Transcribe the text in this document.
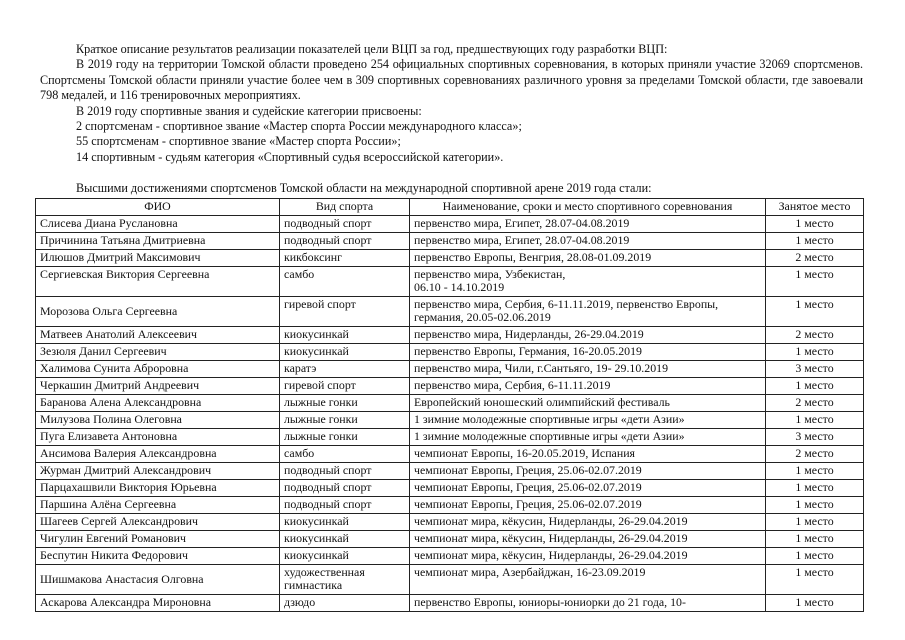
Краткое описание результатов реализации показателей цели ВЦП за год, предшествующих году разработки ВЦП:

В 2019 году на территории Томской области проведено 254 официальных спортивных соревнования, в которых приняли участие 32069 спортсменов. Спортсмены Томской области приняли участие более чем в 309 спортивных соревнованиях различного уровня за пределами Томской области, где завоевали 798 медалей, и 116 тренировочных мероприятиях.

В 2019 году спортивные звания и судейские категории присвоены:

2 спортсменам - спортивное звание «Мастер спорта России международного класса»;

55 спортсменам - спортивное звание «Мастер спорта России»;

14 спортивным - судьям категория «Спортивный судья всероссийской категории».

Высшими достижениями спортсменов Томской области на международной спортивной арене 2019 года стали:
ФИО	Вид спорта	Наименование, сроки и место спортивного соревнования	Занятое место
Слисева Диана Руслановна	подводный спорт	первенство мира, Египет, 28.07-04.08.2019	1 место
Причинина Татьяна Дмитриевна	подводный спорт	первенство мира, Египет, 28.07-04.08.2019	1 место
Илюшов Дмитрий Максимович	кикбоксинг	первенство Европы, Венгрия, 28.08-01.09.2019	2 место
Сергиевская Виктория Сергеевна	самбо	первенство мира, Узбекистан,
06.10 - 14.10.2019	1 место
Морозова Ольга Сергеевна	гиревой спорт	первенство мира, Сербия, 6-11.11.2019, первенство Европы, германия, 20.05-02.06.2019	1 место
Матвеев Анатолий Алексеевич	киокусинкай	первенство мира, Нидерланды, 26-29.04.2019	2 место
Зезюля Данил Сергеевич	киокусинкай	первенство Европы, Германия, 16-20.05.2019	1 место
Халимова Сунита Аброровна	каратэ	первенство мира, Чили, г.Сантьяго, 19- 29.10.2019	3 место
Черкашин Дмитрий Андреевич	гиревой спорт	первенство мира, Сербия, 6-11.11.2019	1 место
Баранова Алена Александровна	лыжные гонки	Европейский юношеский олимпийский фестиваль	2 место
Милузова Полина Олеговна	лыжные гонки	1 зимние молодежные спортивные игры «дети Азии»	1 место
Пуга Елизавета Антоновна	лыжные гонки	1 зимние молодежные спортивные игры «дети Азии»	3 место
Ансимова Валерия Александровна	самбо	чемпионат Европы, 16-20.05.2019, Испания	2 место
Журман Дмитрий Александрович	подводный спорт	чемпионат Европы, Греция, 25.06-02.07.2019	1 место
Парцахашвили Виктория Юрьевна	подводный спорт	чемпионат Европы, Греция, 25.06-02.07.2019	1 место
Паршина Алёна Сергеевна	подводный спорт	чемпионат Европы, Греция, 25.06-02.07.2019	1 место
Шагеев Сергей Александрович	киокусинкай	чемпионат мира, кёкусин, Нидерланды, 26-29.04.2019	1 место
Чигулин Евгений Романович	киокусинкай	чемпионат мира, кёкусин, Нидерланды, 26-29.04.2019	1 место
Беспутин Никита Федорович	киокусинкай	чемпионат мира, кёкусин, Нидерланды, 26-29.04.2019	1 место
Шишмакова Анастасия Олговна	художественная гимнастика	чемпионат мира, Азербайджан, 16-23.09.2019	1 место
Аскарова Александра Мироновна	дзюдо	первенство Европы, юниоры-юниорки до 21 года, 10-	1 место
